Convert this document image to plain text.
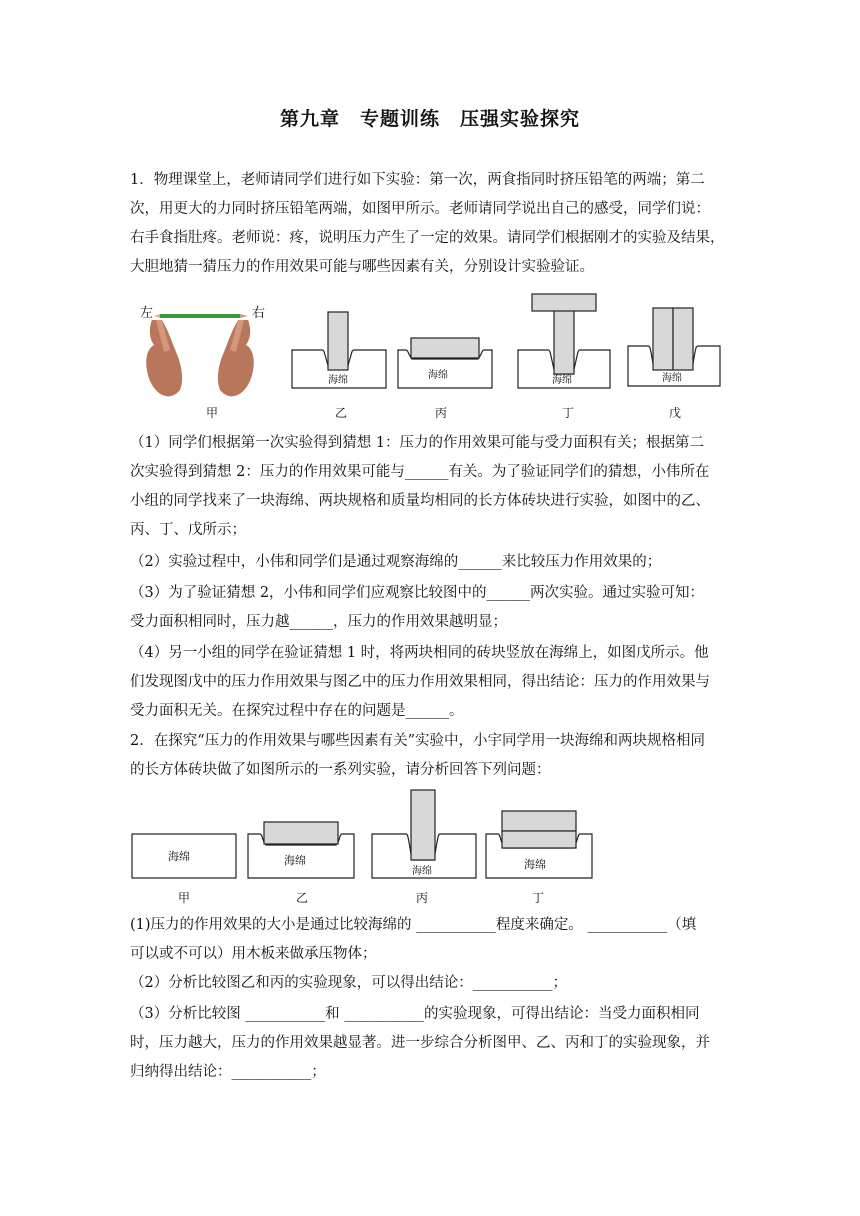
第九章　专题训练　压强实验探究
1．物理课堂上，老师请同学们进行如下实验：第一次，两食指同时挤压铅笔的两端；第二
次，用更大的力同时挤压铅笔两端，如图甲所示。老师请同学说出自己的感受，同学们说：
右手食指肚疼。老师说：疼，说明压力产生了一定的效果。请同学们根据刚才的实验及结果，
大胆地猜一猜压力的作用效果可能与哪些因素有关，分别设计实验验证。
左	右
海绵	海绵	海绵	海绵
甲	乙	丙	丁	戊
（1）同学们根据第一次实验得到猜想 1：压力的作用效果可能与受力面积有关；根据第二
次实验得到猜想 2：压力的作用效果可能与______有关。为了验证同学们的猜想，小伟所在
小组的同学找来了一块海绵、两块规格和质量均相同的长方体砖块进行实验，如图中的乙、
丙、丁、戊所示；
（2）实验过程中，小伟和同学们是通过观察海绵的______来比较压力作用效果的；
（3）为了验证猜想 2，小伟和同学们应观察比较图中的______两次实验。通过实验可知：
受力面积相同时，压力越______，压力的作用效果越明显；
（4）另一小组的同学在验证猜想 1 时，将两块相同的砖块竖放在海绵上，如图戊所示。他
们发现图戊中的压力作用效果与图乙中的压力作用效果相同，得出结论：压力的作用效果与
受力面积无关。在探究过程中存在的问题是______。
2．在探究“压力的作用效果与哪些因素有关”实验中，小宇同学用一块海绵和两块规格相同
的长方体砖块做了如图所示的一系列实验，请分析回答下列问题：
海绵	海绵
海绵
海绵
甲	乙	丙	丁
(1)压力的作用效果的大小是通过比较海绵的 ___________程度来确定。 ___________（填
可以或不可以）用木板来做承压物体；
（2）分析比较图乙和丙的实验现象，可以得出结论：___________；
（3）分析比较图 ___________和 ___________的实验现象，可得出结论：当受力面积相同
时，压力越大，压力的作用效果越显著。进一步综合分析图甲、乙、丙和丁的实验现象，并
归纳得出结论：___________；
